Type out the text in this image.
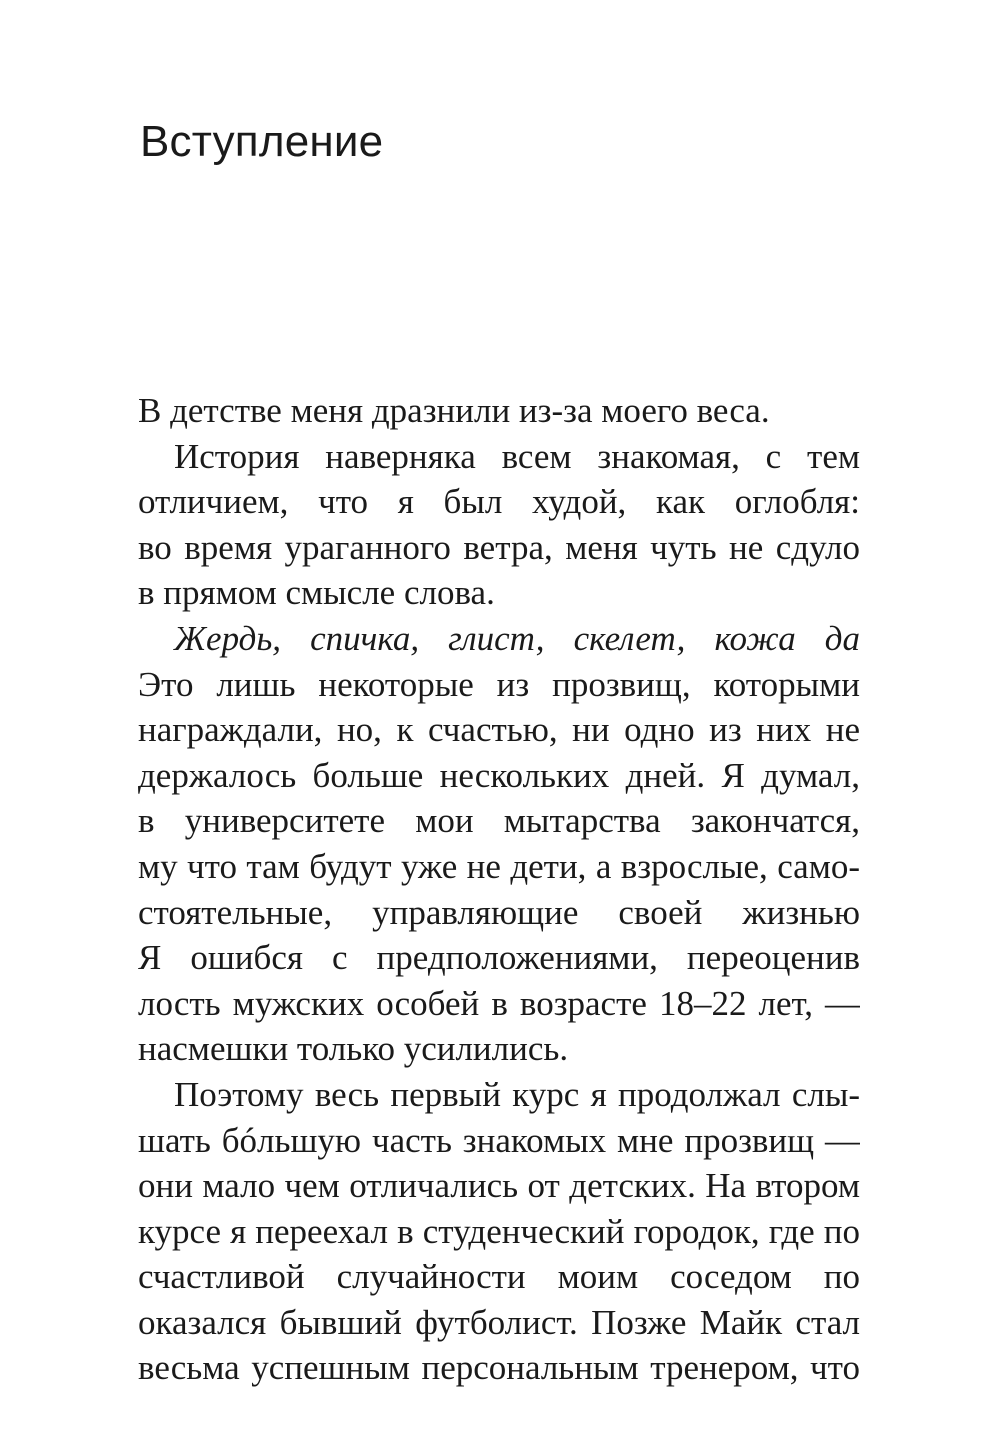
Вступление
В детстве меня дразнили из-за моего веса.
История наверняка всем знакомая, с тем
отличием, что я был худой, как оглобля:
во время ураганного ветра, меня чуть не сдуло
в прямом смысле слова.
Жердь, спичка, глист, скелет, кожа да
Это лишь некоторые из прозвищ, которыми
награждали, но, к счастью, ни одно из них не
держалось больше нескольких дней. Я думал,
в университете мои мытарства закончатся,
му что там будут уже не дети, а взрослые, само-
стоятельные, управляющие своей жизнью
Я ошибся с предположениями, переоценив
лость мужских особей в возрасте 18–22 лет, —
насмешки только усилились.
Поэтому весь первый курс я продолжал слы-
шать бóльшую часть знакомых мне прозвищ —
они мало чем отличались от детских. На втором
курсе я переехал в студенческий городок, где по
счастливой случайности моим соседом по
оказался бывший футболист. Позже Майк стал
весьма успешным персональным тренером, что
